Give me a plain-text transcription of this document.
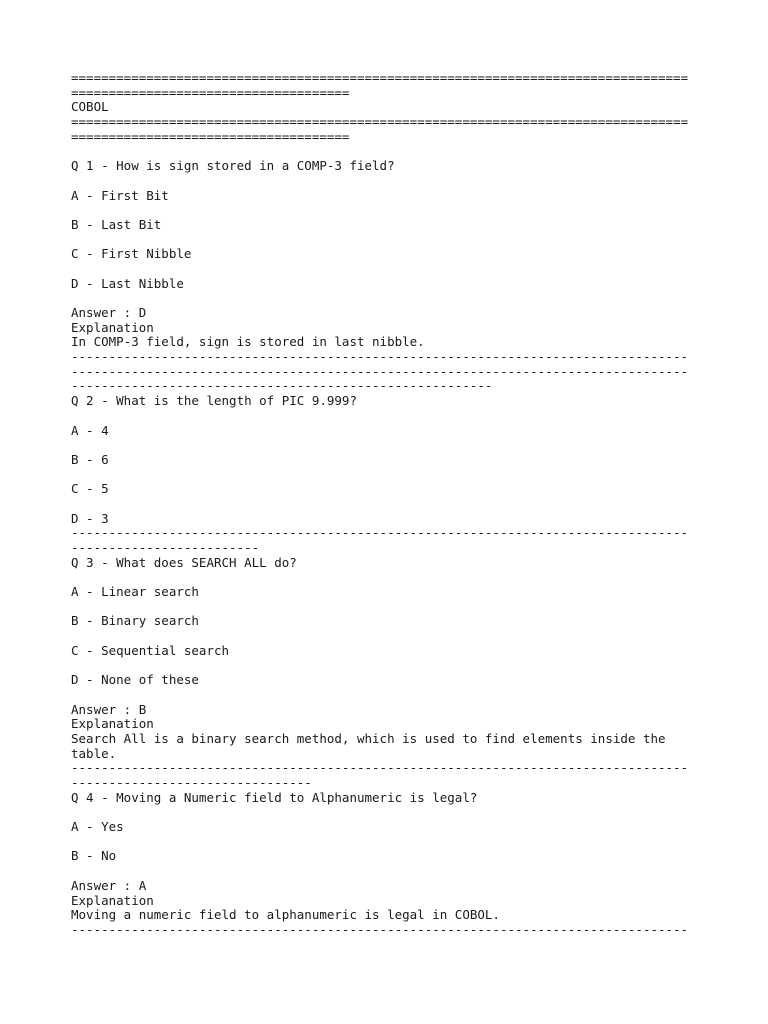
==================================================================================
=====================================
COBOL
==================================================================================
=====================================
Q 1 - How is sign stored in a COMP-3 field?
A - First Bit
B - Last Bit
C - First Nibble
D - Last Nibble
Answer : D
Explanation
In COMP-3 field, sign is stored in last nibble.
----------------------------------------------------------------------------------
----------------------------------------------------------------------------------
--------------------------------------------------------
Q 2 - What is the length of PIC 9.999?
A - 4
B - 6
C - 5
D - 3
----------------------------------------------------------------------------------
-------------------------
Q 3 - What does SEARCH ALL do?
A - Linear search
B - Binary search
C - Sequential search
D - None of these
Answer : B
Explanation
Search All is a binary search method, which is used to find elements inside the
table.
----------------------------------------------------------------------------------
--------------------------------
Q 4 - Moving a Numeric field to Alphanumeric is legal?
A - Yes
B - No
Answer : A
Explanation
Moving a numeric field to alphanumeric is legal in COBOL.
----------------------------------------------------------------------------------
